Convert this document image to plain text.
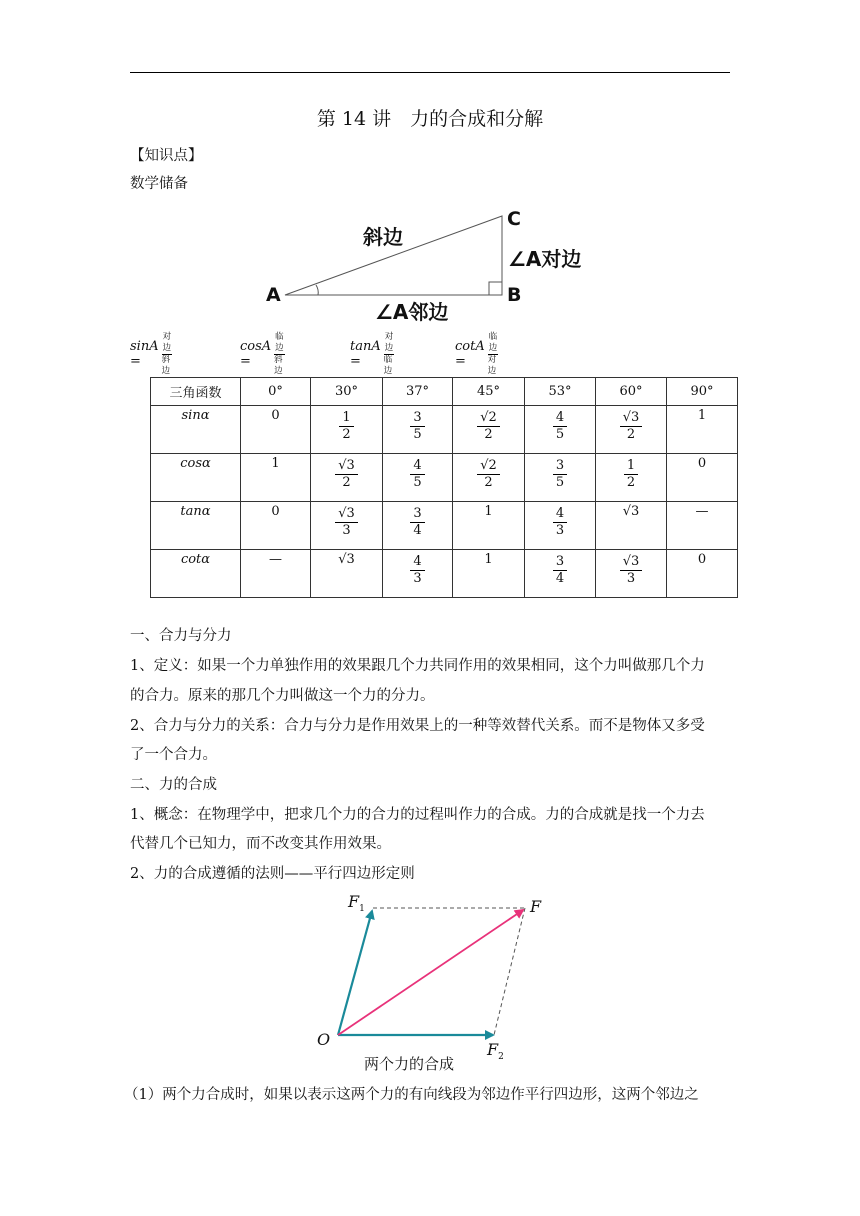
第 14 讲　力的合成和分解
【知识点】
数学储备
斜边
∠A对边
∠A邻边
A	B
C
sinA =
对边
斜边
cosA =
临边
斜边
tanA =
对边
临边
cotA =
临边
对边
三角函数	0°	30°	37°	45°	53°	60°	90°
sinα	0	$\frac{1}{2}$	$\frac{3}{5}$	$\frac{√2}{2}$	$\frac{4}{5}$	$\frac{√3}{2}$	1
cosα	1	$\frac{√3}{2}$	$\frac{4}{5}$	$\frac{√2}{2}$	$\frac{3}{5}$	$\frac{1}{2}$	0
tanα	0	$\frac{√3}{3}$	$\frac{3}{4}$	1	$\frac{4}{3}$	√3	—
cotα	—	√3	$\frac{4}{3}$	1	$\frac{3}{4}$	$\frac{√3}{3}$	0
一、合力与分力
1、定义：如果一个力单独作用的效果跟几个力共同作用的效果相同，这个力叫做那几个力
的合力。原来的那几个力叫做这一个力的分力。
2、合力与分力的关系：合力与分力是作用效果上的一种等效替代关系。而不是物体又多受
了一个合力。
二、力的合成
1、概念：在物理学中，把求几个力的合力的过程叫作力的合成。力的合成就是找一个力去
代替几个已知力，而不改变其作用效果。
2、力的合成遵循的法则——平行四边形定则
$F_1$	F
O
$F_2$
两个力的合成
（1）两个力合成时，如果以表示这两个力的有向线段为邻边作平行四边形，这两个邻边之
